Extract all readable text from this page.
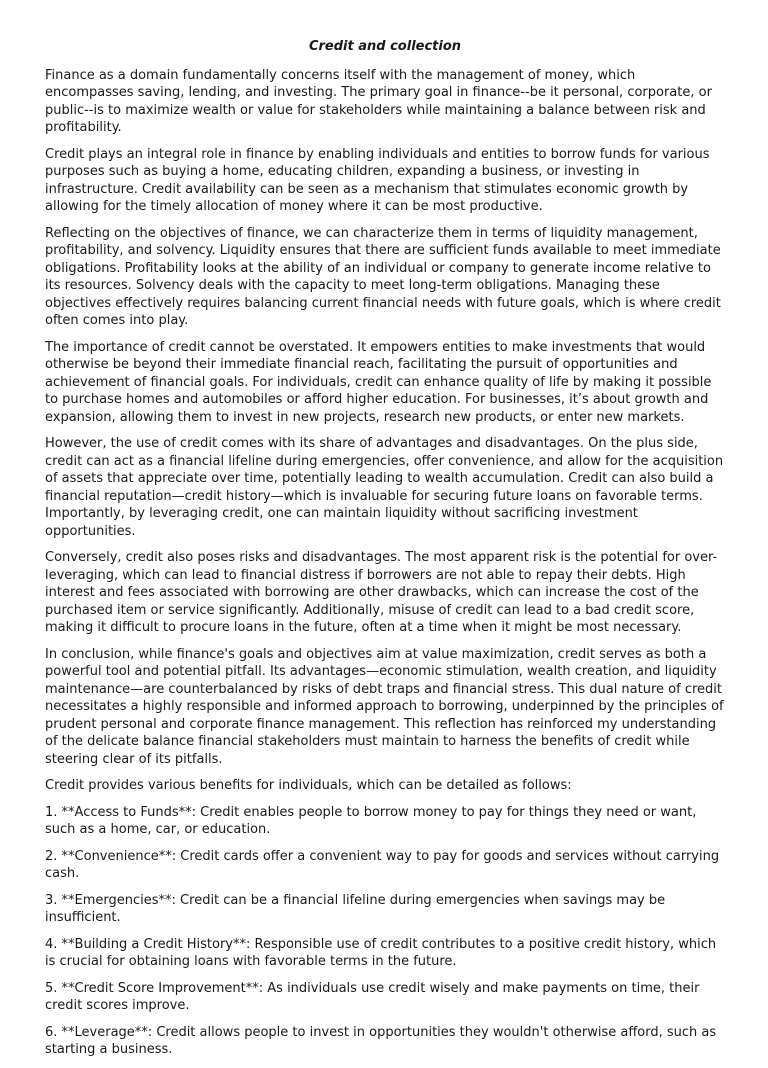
Credit and collection

Finance as a domain fundamentally concerns itself with the management of money, which encompasses saving, lending, and investing. The primary goal in finance--be it personal, corporate, or public--is to maximize wealth or value for stakeholders while maintaining a balance between risk and profitability.

Credit plays an integral role in finance by enabling individuals and entities to borrow funds for various purposes such as buying a home, educating children, expanding a business, or investing in infrastructure. Credit availability can be seen as a mechanism that stimulates economic growth by allowing for the timely allocation of money where it can be most productive.

Reflecting on the objectives of finance, we can characterize them in terms of liquidity management, profitability, and solvency. Liquidity ensures that there are sufficient funds available to meet immediate obligations. Profitability looks at the ability of an individual or company to generate income relative to its resources. Solvency deals with the capacity to meet long-term obligations. Managing these objectives effectively requires balancing current financial needs with future goals, which is where credit often comes into play.

The importance of credit cannot be overstated. It empowers entities to make investments that would otherwise be beyond their immediate financial reach, facilitating the pursuit of opportunities and achievement of financial goals. For individuals, credit can enhance quality of life by making it possible to purchase homes and automobiles or afford higher education. For businesses, it’s about growth and expansion, allowing them to invest in new projects, research new products, or enter new markets.

However, the use of credit comes with its share of advantages and disadvantages. On the plus side, credit can act as a financial lifeline during emergencies, offer convenience, and allow for the acquisition of assets that appreciate over time, potentially leading to wealth accumulation. Credit can also build a financial reputation—credit history—which is invaluable for securing future loans on favorable terms. Importantly, by leveraging credit, one can maintain liquidity without sacrificing investment opportunities.

Conversely, credit also poses risks and disadvantages. The most apparent risk is the potential for over-leveraging, which can lead to financial distress if borrowers are not able to repay their debts. High interest and fees associated with borrowing are other drawbacks, which can increase the cost of the purchased item or service significantly. Additionally, misuse of credit can lead to a bad credit score, making it difficult to procure loans in the future, often at a time when it might be most necessary.

In conclusion, while finance's goals and objectives aim at value maximization, credit serves as both a powerful tool and potential pitfall. Its advantages—economic stimulation, wealth creation, and liquidity maintenance—are counterbalanced by risks of debt traps and financial stress. This dual nature of credit necessitates a highly responsible and informed approach to borrowing, underpinned by the principles of prudent personal and corporate finance management. This reflection has reinforced my understanding of the delicate balance financial stakeholders must maintain to harness the benefits of credit while steering clear of its pitfalls.

Credit provides various benefits for individuals, which can be detailed as follows:

1. **Access to Funds**: Credit enables people to borrow money to pay for things they need or want, such as a home, car, or education.
2. **Convenience**: Credit cards offer a convenient way to pay for goods and services without carrying cash.
3. **Emergencies**: Credit can be a financial lifeline during emergencies when savings may be insufficient.
4. **Building a Credit History**: Responsible use of credit contributes to a positive credit history, which is crucial for obtaining loans with favorable terms in the future.
5. **Credit Score Improvement**: As individuals use credit wisely and make payments on time, their credit scores improve.
6. **Leverage**: Credit allows people to invest in opportunities they wouldn't otherwise afford, such as starting a business.
